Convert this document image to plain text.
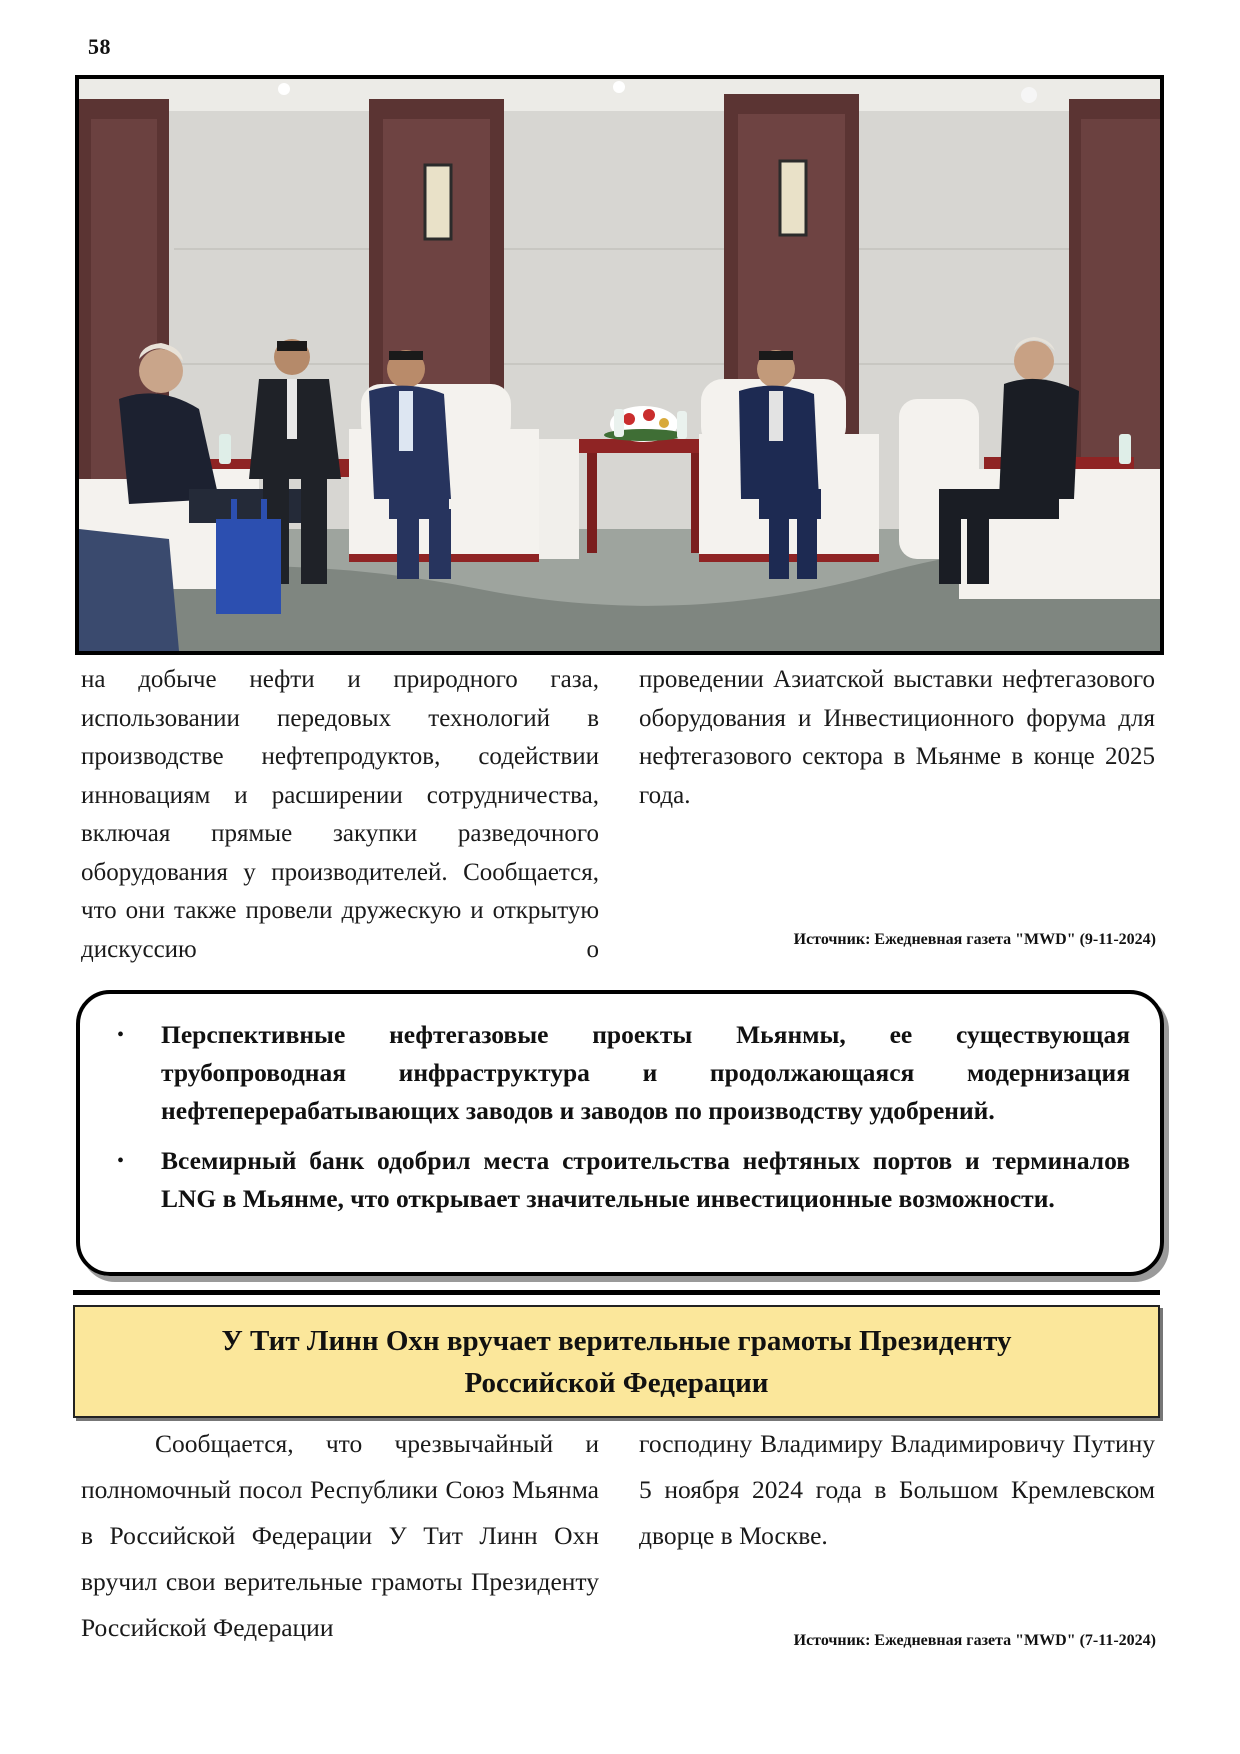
58

на добыче нефти и природного газа, использовании передовых технологий в производстве нефтепродуктов, содействии инновациям и расширении сотрудничества, включая прямые закупки разведочного оборудования у производителей. Сообщается, что они также провели дружескую и открытую дискуссию о

проведении Азиатской выставки нефтегазового оборудования и Инвестиционного форума для нефтегазового сектора в Мьянме в конце 2025 года.

Источник: Ежедневная газета "MWD" (9-11-2024)
• Перспективные нефтегазовые проекты Мьянмы, ее существующая трубопроводная инфраструктура и продолжающаяся модернизация нефтеперерабатывающих заводов и заводов по производству удобрений.
• Всемирный банк одобрил места строительства нефтяных портов и терминалов LNG в Мьянме, что открывает значительные инвестиционные возможности.
У Тит Линн Охн вручает верительные грамоты Президенту
Российской Федерации

Сообщается, что чрезвычайный и полномочный посол Республики Союз Мьянма в Российской Федерации У Тит Линн Охн вручил свои верительные грамоты Президенту Российской Федерации

господину Владимиру Владимировичу Путину 5 ноября 2024 года в Большом Кремлевском дворце в Москве.

Источник: Ежедневная газета "MWD" (7-11-2024)
